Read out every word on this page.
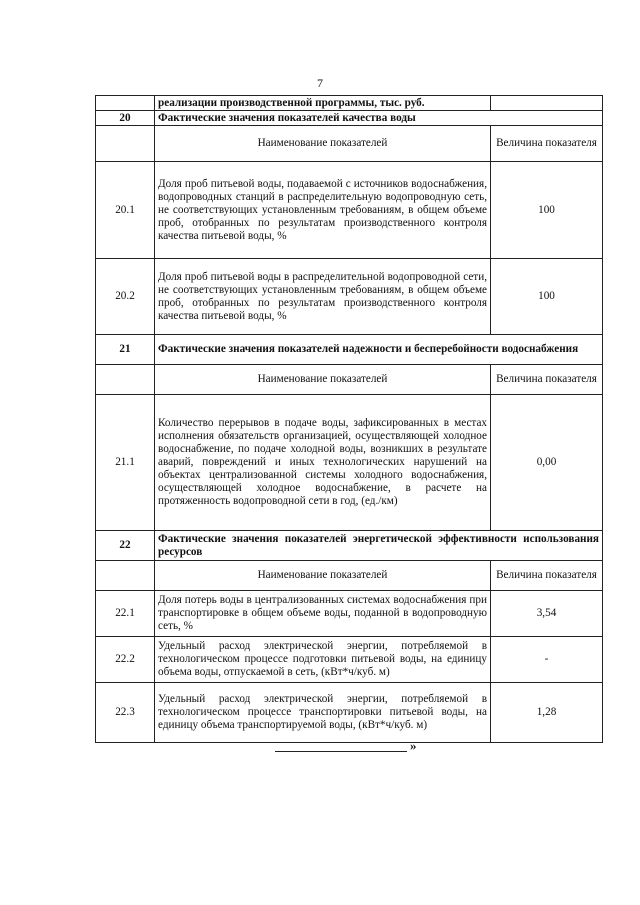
7
	реализации производственной программы, тыс. руб.	
20	Фактические значения показателей качества воды	
	Наименование показателей	Величина показателя
20.1	Доля проб питьевой воды, подаваемой с источников водоснабжения, водопроводных станций в распределительную водопроводную сеть, не соответствующих установленным требованиям, в общем объеме проб, отобранных по результатам производственного контроля качества питьевой воды, %	100
20.2	Доля проб питьевой воды в распределительной водопроводной сети, не соответствующих установленным требованиям, в общем объеме проб, отобранных по результатам производственного контроля качества питьевой воды, %	100
21	Фактические значения показателей надежности и бесперебойности водоснабжения	
	Наименование показателей	Величина показателя
21.1	Количество перерывов в подаче воды, зафиксированных в местах исполнения обязательств организацией, осуществляющей холодное водоснабжение, по подаче холодной воды, возникших в результате аварий, повреждений и иных технологических нарушений на объектах централизованной системы холодного водоснабжения, осуществляющей холодное водоснабжение, в расчете на протяженность водопроводной сети в год, (ед./км)	0,00
22	Фактические значения показателей энергетической эффективности использования ресурсов	
	Наименование показателей	Величина показателя
22.1	Доля потерь воды в централизованных системах водоснабжения при транспортировке в общем объеме воды, поданной в водопроводную сеть, %	3,54
22.2	Удельный расход электрической энергии, потребляемой в технологическом процессе подготовки питьевой воды, на единицу объема воды, отпускаемой в сеть, (кВт*ч/куб. м)	-
22.3	Удельный расход электрической энергии, потребляемой в технологическом процессе транспортировки питьевой воды, на единицу объема транспортируемой воды, (кВт*ч/куб. м)	1,28
»
